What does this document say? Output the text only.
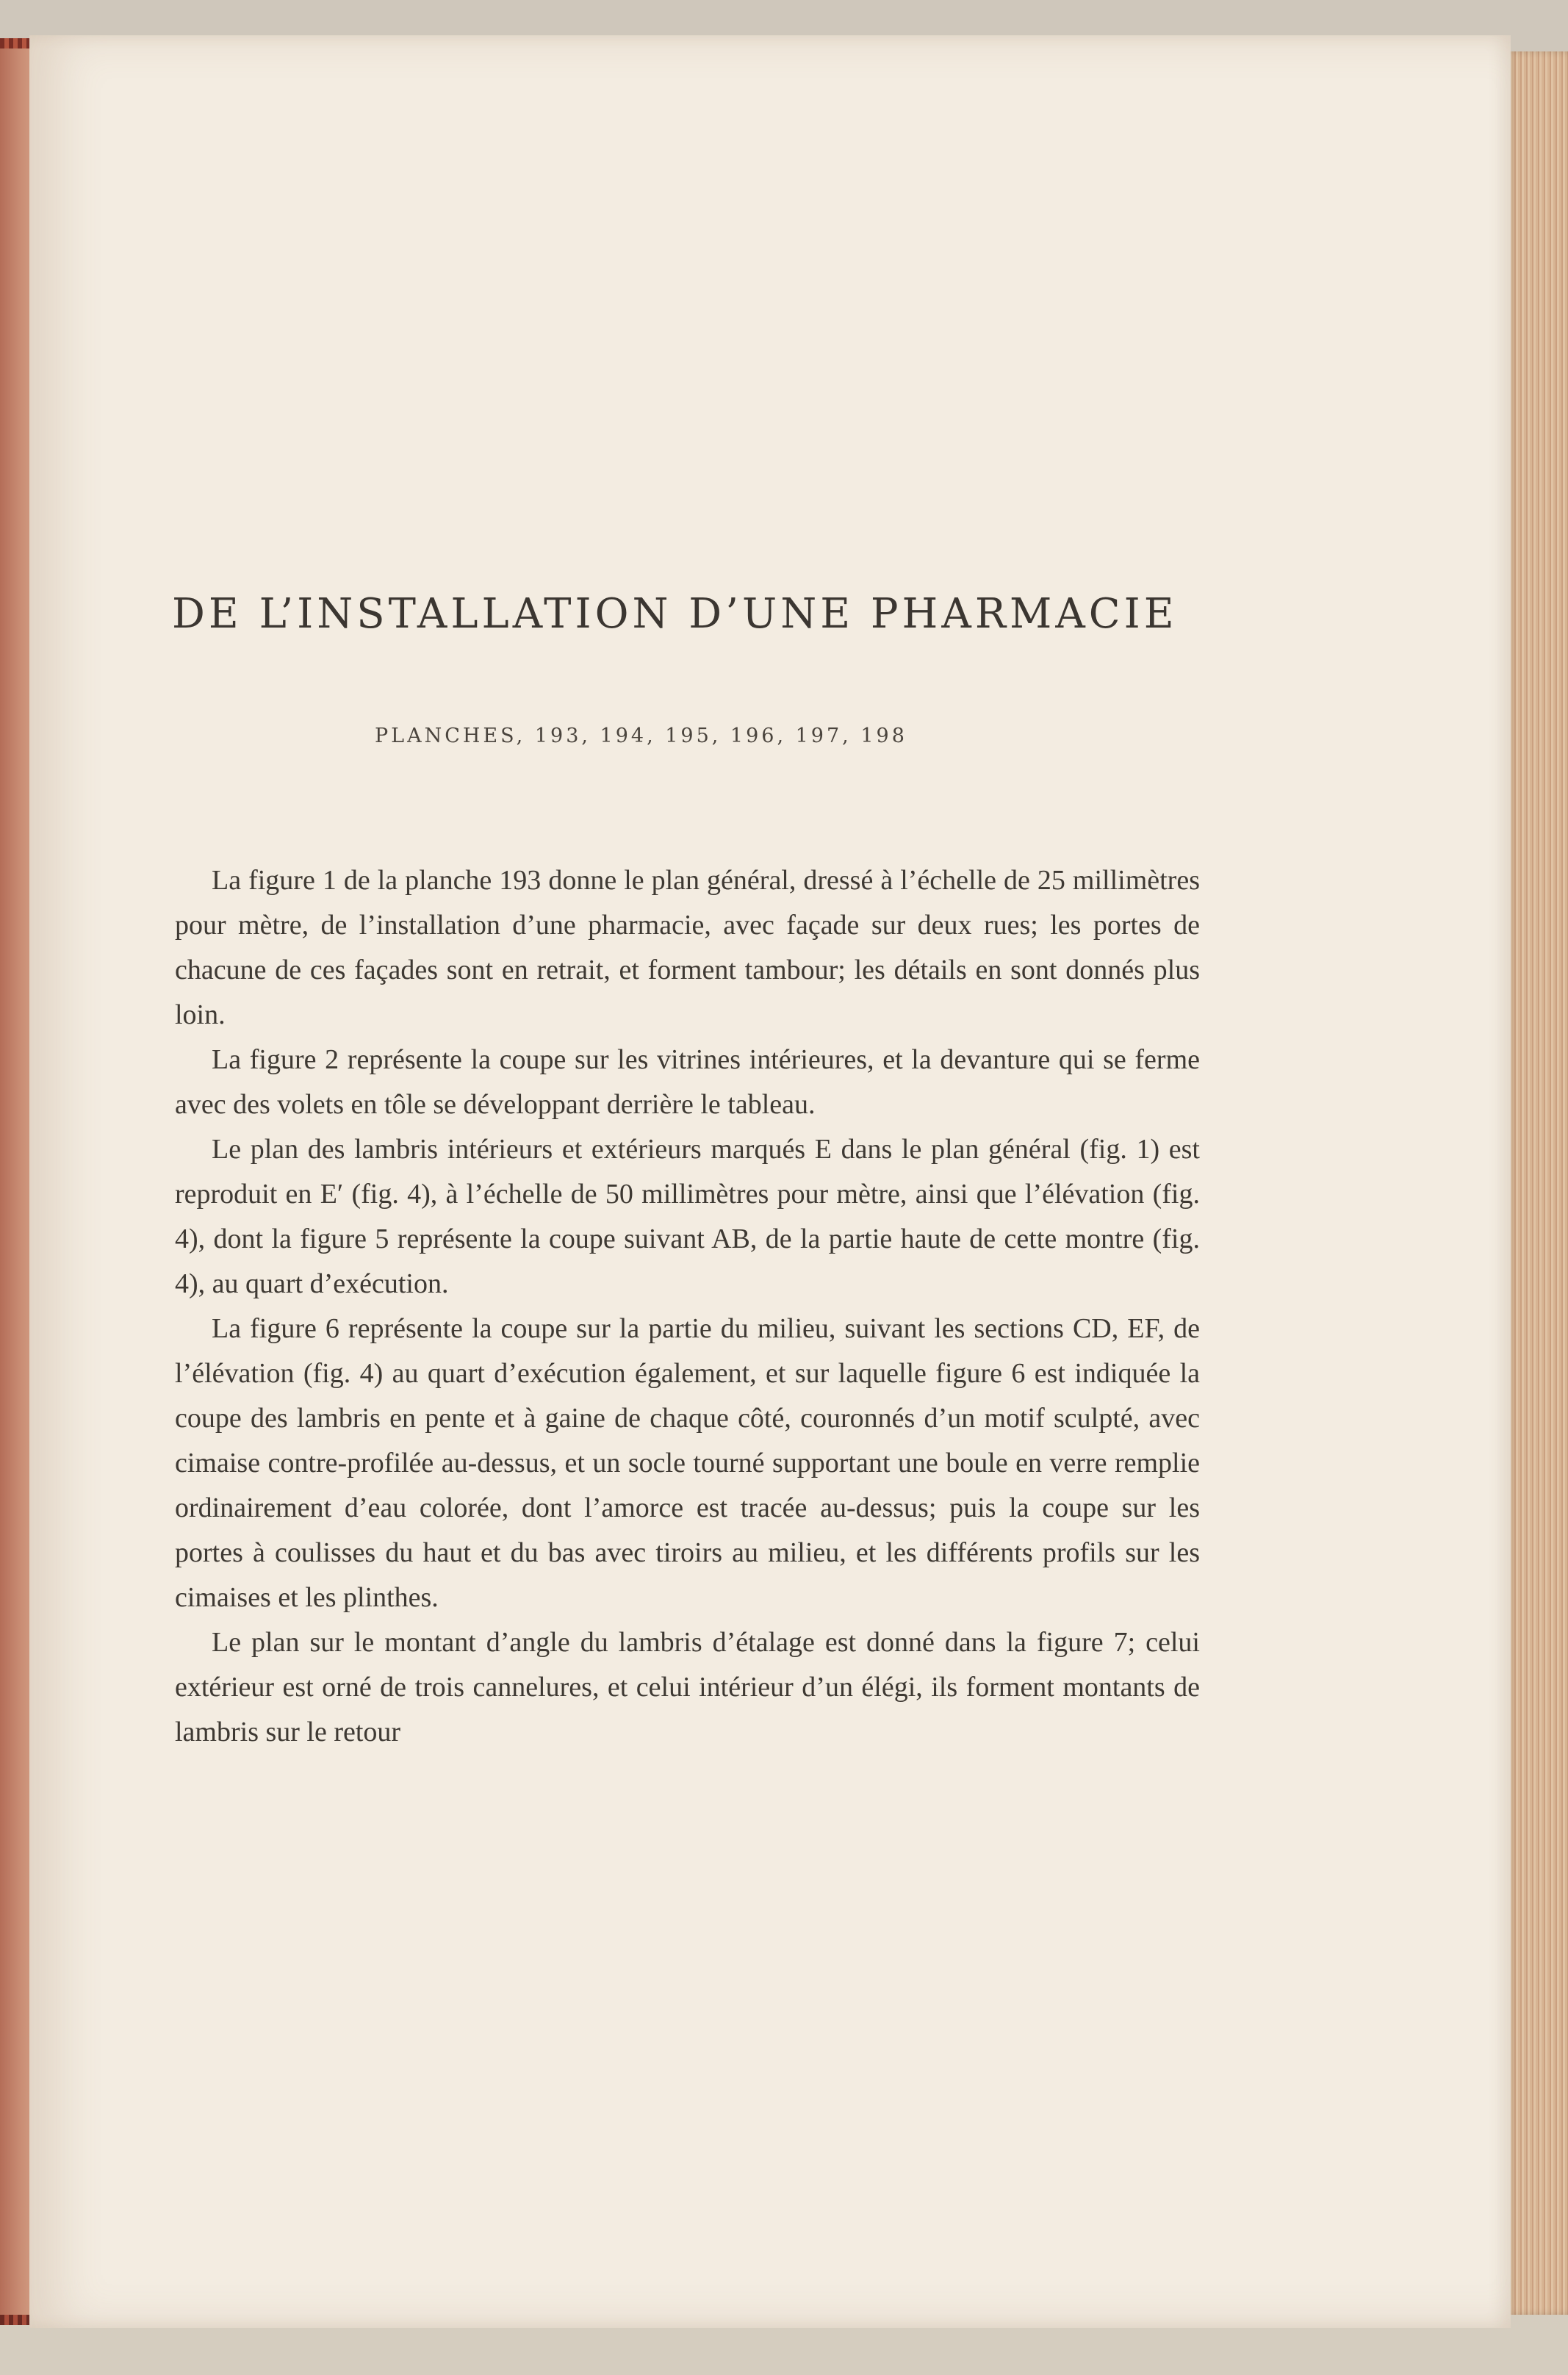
DE L’INSTALLATION D’UNE PHARMACIE
PLANCHES, 193, 194, 195, 196, 197, 198

La figure 1 de la planche 193 donne le plan général, dressé à l’échelle de 25 millimètres pour mètre, de l’installation d’une pharmacie, avec façade sur deux rues; les portes de chacune de ces façades sont en retrait, et forment tambour; les détails en sont donnés plus loin.

La figure 2 représente la coupe sur les vitrines intérieures, et la devanture qui se ferme avec des volets en tôle se développant derrière le tableau.

Le plan des lambris intérieurs et extérieurs marqués E dans le plan général (fig. 1) est reproduit en E′ (fig. 4), à l’échelle de 50 millimètres pour mètre, ainsi que l’élévation (fig. 4), dont la figure 5 représente la coupe suivant AB, de la partie haute de cette montre (fig. 4), au quart d’exécution.

La figure 6 représente la coupe sur la partie du milieu, suivant les sections CD, EF, de l’élévation (fig. 4) au quart d’exécution également, et sur laquelle figure 6 est indiquée la coupe des lambris en pente et à gaine de chaque côté, couronnés d’un motif sculpté, avec cimaise contre-profilée au-dessus, et un socle tourné supportant une boule en verre remplie ordinairement d’eau colorée, dont l’amorce est tracée au-dessus; puis la coupe sur les portes à coulisses du haut et du bas avec tiroirs au milieu, et les différents profils sur les cimaises et les plinthes.

Le plan sur le montant d’angle du lambris d’étalage est donné dans la figure 7; celui extérieur est orné de trois cannelures, et celui intérieur d’un élégi, ils forment montants de lambris sur le retour
